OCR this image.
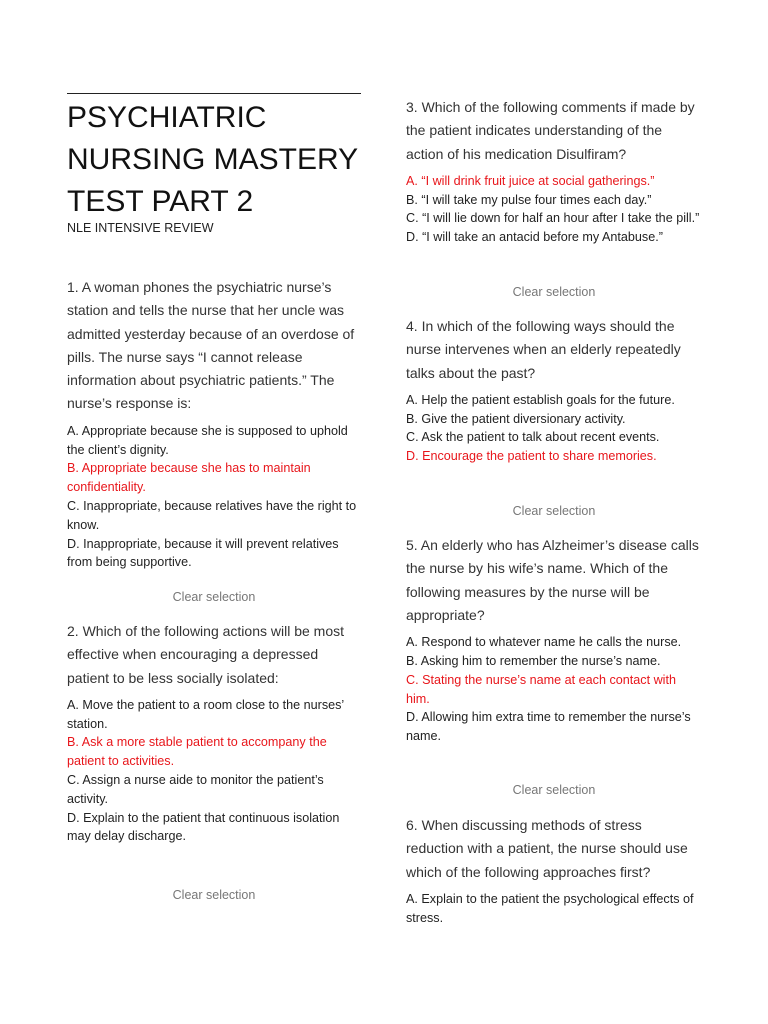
PSYCHIATRIC NURSING MASTERY TEST PART 2
NLE INTENSIVE REVIEW

1. A woman phones the psychiatric nurse’s station and tells the nurse that her uncle was admitted yesterday because of an overdose of pills. The nurse says “I cannot release information about psychiatric patients.” The nurse’s response is:

A. Appropriate because she is supposed to uphold the client’s dignity.

B. Appropriate because she has to maintain confidentiality.

C. Inappropriate, because relatives have the right to know.

D. Inappropriate, because it will prevent relatives from being supportive.

Clear selection

2. Which of the following actions will be most effective when encouraging a depressed patient to be less socially isolated:

A. Move the patient to a room close to the nurses’ station.

B. Ask a more stable patient to accompany the patient to activities.

C. Assign a nurse aide to monitor the patient’s activity.

D. Explain to the patient that continuous isolation may delay discharge.

Clear selection

3. Which of the following comments if made by the patient indicates understanding of the action of his medication Disulfiram?

A. “I will drink fruit juice at social gatherings.”

B. “I will take my pulse four times each day.”

C. “I will lie down for half an hour after I take the pill.”

D. “I will take an antacid before my Antabuse.”

Clear selection

4. In which of the following ways should the nurse intervenes when an elderly repeatedly talks about the past?

A. Help the patient establish goals for the future.

B. Give the patient diversionary activity.

C. Ask the patient to talk about recent events.

D. Encourage the patient to share memories.

Clear selection

5. An elderly who has Alzheimer’s disease calls the nurse by his wife’s name. Which of the following measures by the nurse will be appropriate?

A. Respond to whatever name he calls the nurse.

B. Asking him to remember the nurse’s name.

C. Stating the nurse’s name at each contact with him.

D. Allowing him extra time to remember the nurse’s name.

Clear selection

6. When discussing methods of stress reduction with a patient, the nurse should use which of the following approaches first?

A. Explain to the patient the psychological effects of stress.
